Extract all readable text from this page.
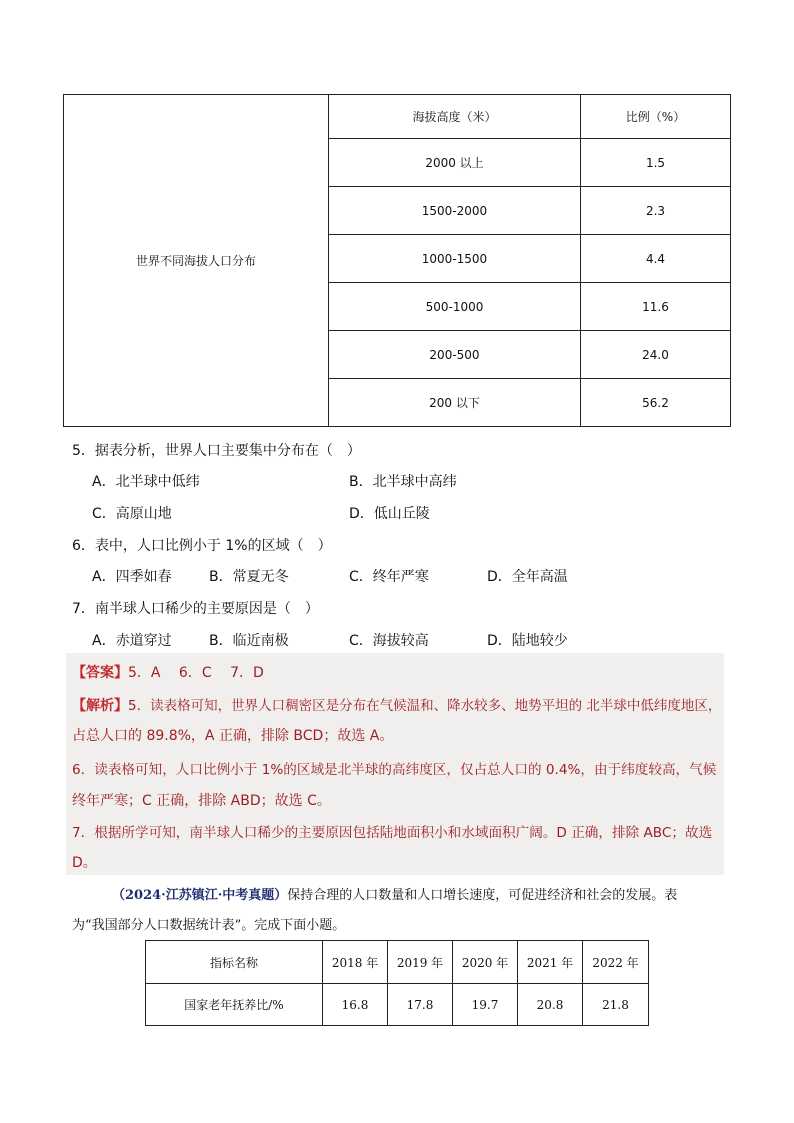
世界不同海拔人口分布	海拔高度（米）	比例（%）
	2000 以上	1.5
	1500-2000	2.3
	1000-1500	4.4
	500-1000	11.6
	200-500	24.0
	200 以下	56.2
5．据表分析，世界人口主要集中分布在（　）
A．北半球中低纬	B．北半球中高纬
C．高原山地	D．低山丘陵
6．表中，人口比例小于 1%的区域（　）
A．四季如春	B．常夏无冬	C．终年严寒	D．全年高温
7．南半球人口稀少的主要原因是（　）
A．赤道穿过	B．临近南极	C．海拔较高	D．陆地较少
【答案】5．A　 6．C　 7．D
【解析】5．读表格可知，世界人口稠密区是分布在气候温和、降水较多、地势平坦的 北半球中低纬度地区，
占总人口的 89.8%，A 正确，排除 BCD；故选 A。
6．读表格可知，人口比例小于 1%的区域是北半球的高纬度区，仅占总人口的 0.4%，由于纬度较高，气候
终年严寒；C 正确，排除 ABD；故选 C。
7．根据所学可知，南半球人口稀少的主要原因包括陆地面积小和水域面积广阔。D 正确，排除 ABC；故选
D。
（2024·江苏镇江·中考真题）保持合理的人口数量和人口增长速度，可促进经济和社会的发展。表
为“我国部分人口数据统计表”。完成下面小题。
指标名称	2018 年	2019 年	2020 年	2021 年	2022 年
国家老年抚养比/%	16.8	17.8	19.7	20.8	21.8
